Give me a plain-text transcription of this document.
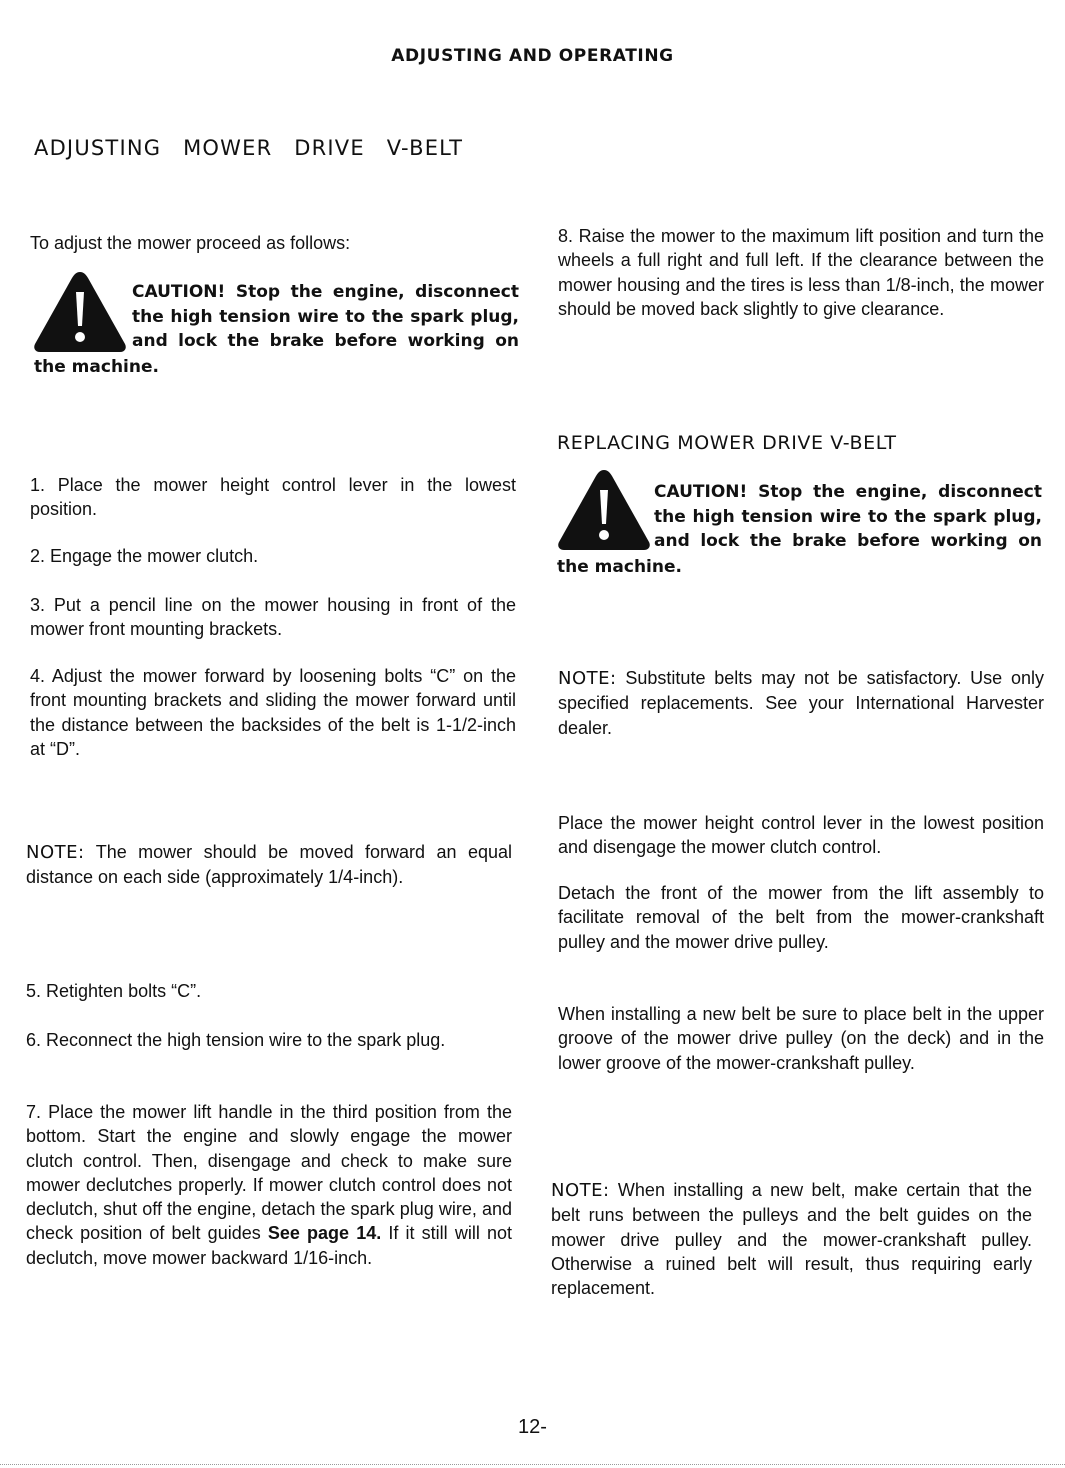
ADJUSTING AND OPERATING
ADJUSTING MOWER DRIVE V-BELT
To adjust the mower proceed as follows:
CAUTION! Stop the engine, disconnect
the high tension wire to the spark plug,
and lock the brake before working on
the machine.
1. Place the mower height control lever in the lowest position.
2. Engage the mower clutch.
3. Put a pencil line on the mower housing in front of the mower front mounting brackets.
4. Adjust the mower forward by loosening bolts “C” on the front mounting brackets and sliding the mower forward until the distance between the backsides of the belt is 1-1/2-inch at “D”.
NOTE: The mower should be moved forward an equal distance on each side (approximately 1/4-inch).
5. Retighten bolts “C”.
6. Reconnect the high tension wire to the spark plug.
7. Place the mower lift handle in the third position from the bottom. Start the engine and slowly engage the mower clutch control. Then, disengage and check to make sure mower declutches properly. If mower clutch control does not declutch, shut off the engine, detach the spark plug wire, and check position of belt guides See page 14. If it still will not declutch, move mower backward 1/16-inch.
8. Raise the mower to the maximum lift position and turn the wheels a full right and full left. If the clearance between the mower housing and the tires is less than 1/8-inch, the mower should be moved back slightly to give clearance.
REPLACING MOWER DRIVE V-BELT
CAUTION! Stop the engine, disconnect
the high tension wire to the spark plug,
and lock the brake before working on
the machine.
NOTE: Substitute belts may not be satisfactory. Use only specified replacements. See your International Harvester dealer.
Place the mower height control lever in the lowest position and disengage the mower clutch control.
Detach the front of the mower from the lift assembly to facilitate removal of the belt from the mower-crankshaft pulley and the mower drive pulley.
When installing a new belt be sure to place belt in the upper groove of the mower drive pulley (on the deck) and in the lower groove of the mower-crankshaft pulley.
NOTE: When installing a new belt, make certain that the belt runs between the pulleys and the belt guides on the mower drive pulley and the mower-crankshaft pulley. Otherwise a ruined belt will result, thus requiring early replacement.
12-
